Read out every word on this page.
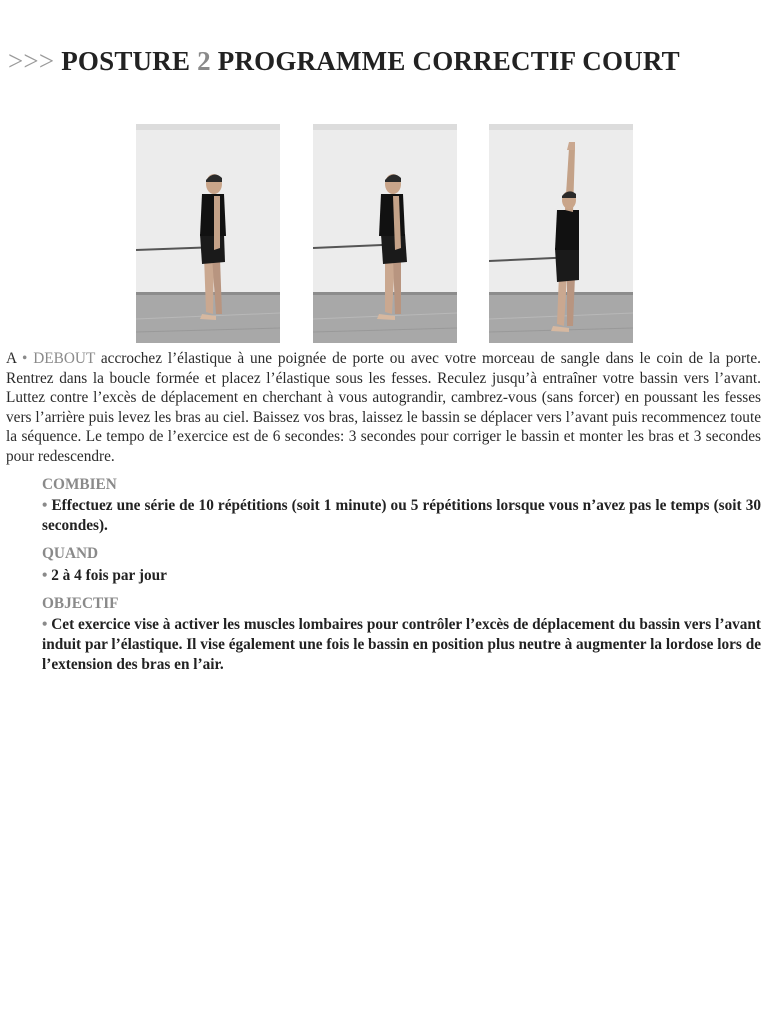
>>> POSTURE 2 PROGRAMME CORRECTIF COURT
A • DEBOUT accrochez l’élastique à une poignée de porte ou avec votre morceau de sangle dans le coin de la porte. Rentrez dans la boucle formée et placez l’élastique sous les fesses. Reculez jusqu’à entraîner votre bassin vers l’avant. Luttez contre l’excès de déplacement en cherchant à vous autograndir, cambrez-vous (sans forcer) en poussant les fesses vers l’arrière puis levez les bras au ciel. Baissez vos bras, laissez le bassin se déplacer vers l’avant puis recommencez toute la séquence. Le tempo de l’exercice est de 6 secondes: 3 secondes pour corriger le bassin et monter les bras et 3 secondes pour redescendre.
COMBIEN
• Effectuez une série de 10 répétitions (soit 1 minute) ou 5 répétitions lorsque vous n’avez pas le temps (soit 30 secondes).
QUAND
• 2 à 4 fois par jour
OBJECTIF
• Cet exercice vise à activer les muscles lombaires pour contrôler l’excès de déplacement du bassin vers l’avant induit par l’élastique. Il vise également une fois le bassin en position plus neutre à augmenter la lordose lors de l’extension des bras en l’air.
